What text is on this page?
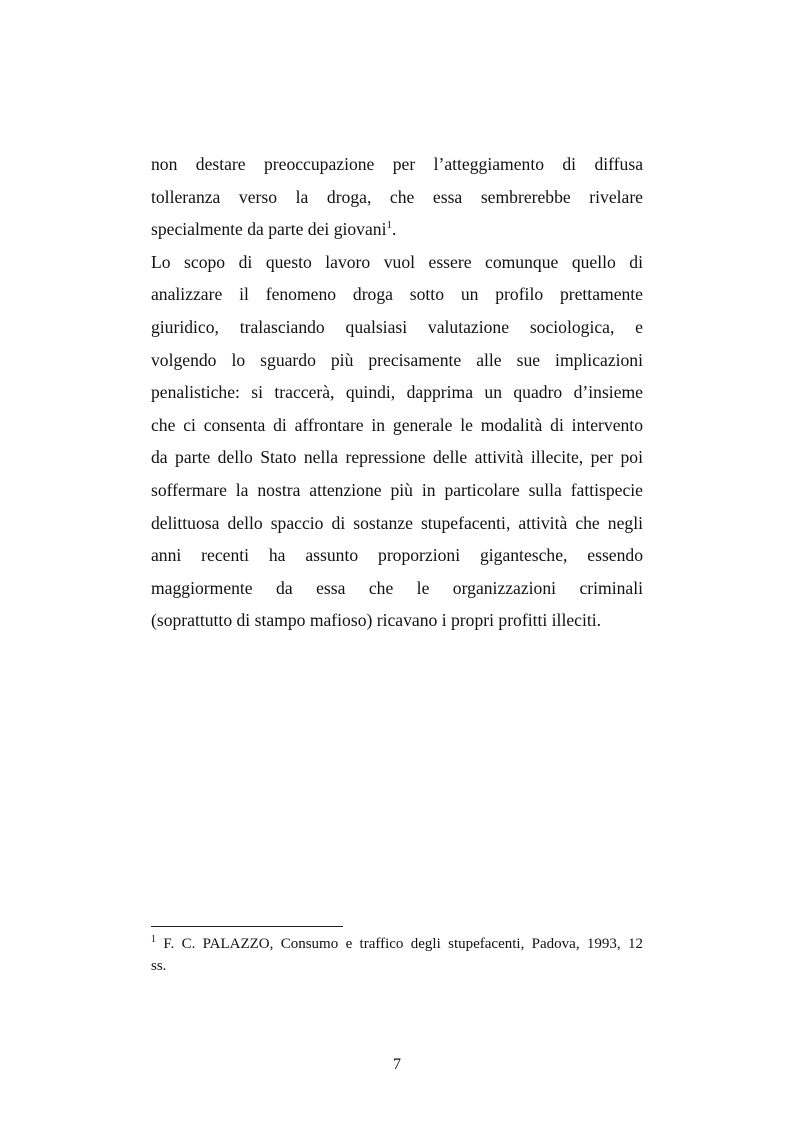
non destare preoccupazione per l’atteggiamento di diffusa
tolleranza verso la droga, che essa sembrerebbe rivelare
specialmente da parte dei giovani$^1$.
Lo scopo di questo lavoro vuol essere comunque quello di
analizzare il fenomeno droga sotto un profilo prettamente
giuridico, tralasciando qualsiasi valutazione sociologica, e
volgendo lo sguardo più precisamente alle sue implicazioni
penalistiche: si traccerà, quindi, dapprima un quadro d’insieme
che ci consenta di affrontare in generale le modalità di intervento
da parte dello Stato nella repressione delle attività illecite, per poi
soffermare la nostra attenzione più in particolare sulla fattispecie
delittuosa dello spaccio di sostanze stupefacenti, attività che negli
anni recenti ha assunto proporzioni gigantesche, essendo
maggiormente da essa che le organizzazioni criminali
(soprattutto di stampo mafioso) ricavano i propri profitti illeciti.
$^1$ F. C. PALAZZO, Consumo e traffico degli stupefacenti, Padova, 1993, 12
ss.
7
